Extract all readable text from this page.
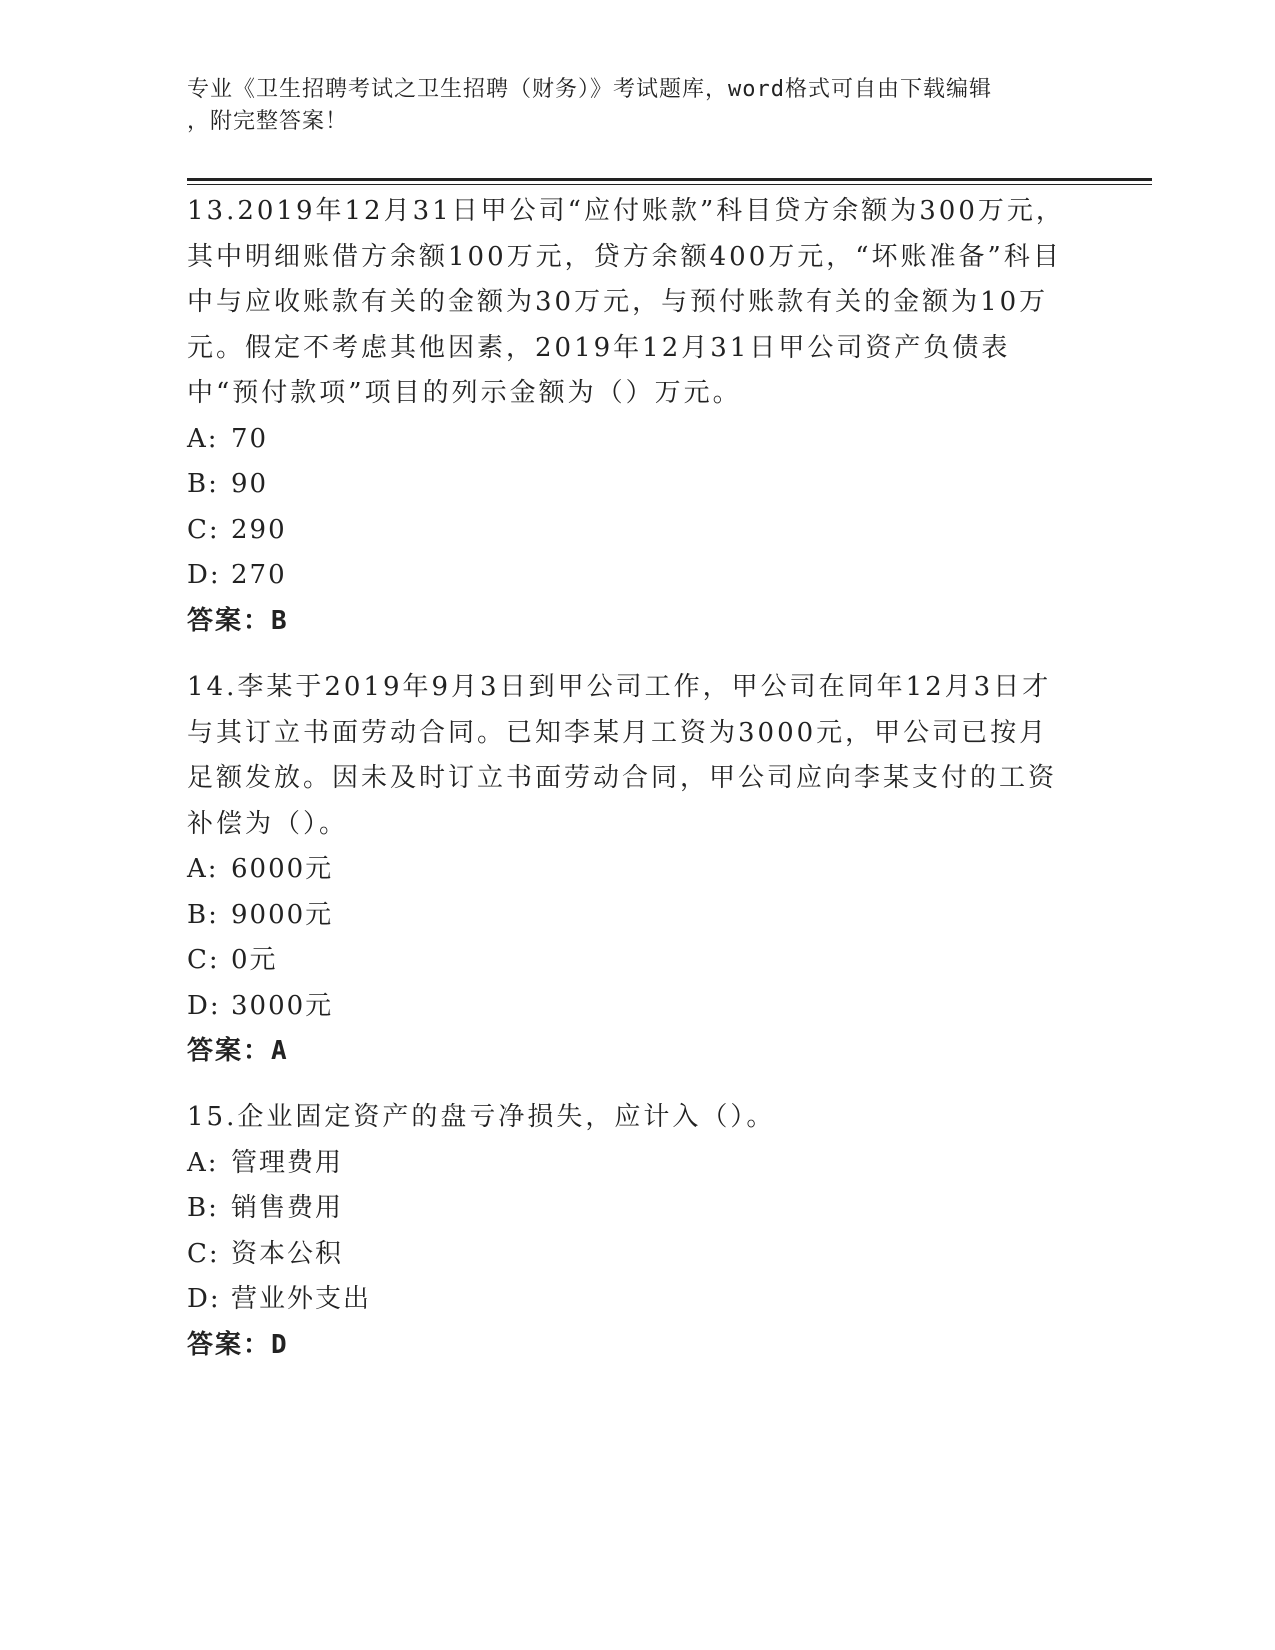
专业《卫生招聘考试之卫生招聘（财务）》考试题库，word格式可自由下载编辑
，附完整答案！

13.2019年12月31日甲公司“应付账款”科目贷方余额为300万元，其中明细账借方余额100万元，贷方余额400万元，“坏账准备”科目中与应收账款有关的金额为30万元，与预付账款有关的金额为10万元。假定不考虑其他因素，2019年12月31日甲公司资产负债表中“预付款项”项目的列示金额为（）万元。

A: 70

B: 90

C: 290

D: 270

答案：B

14.李某于2019年9月3日到甲公司工作，甲公司在同年12月3日才与其订立书面劳动合同。已知李某月工资为3000元，甲公司已按月足额发放。因未及时订立书面劳动合同，甲公司应向李某支付的工资补偿为（）。

A: 6000元

B: 9000元

C: 0元

D: 3000元

答案：A

15.企业固定资产的盘亏净损失，应计入（）。

A: 管理费用

B: 销售费用

C: 资本公积

D: 营业外支出

答案：D
